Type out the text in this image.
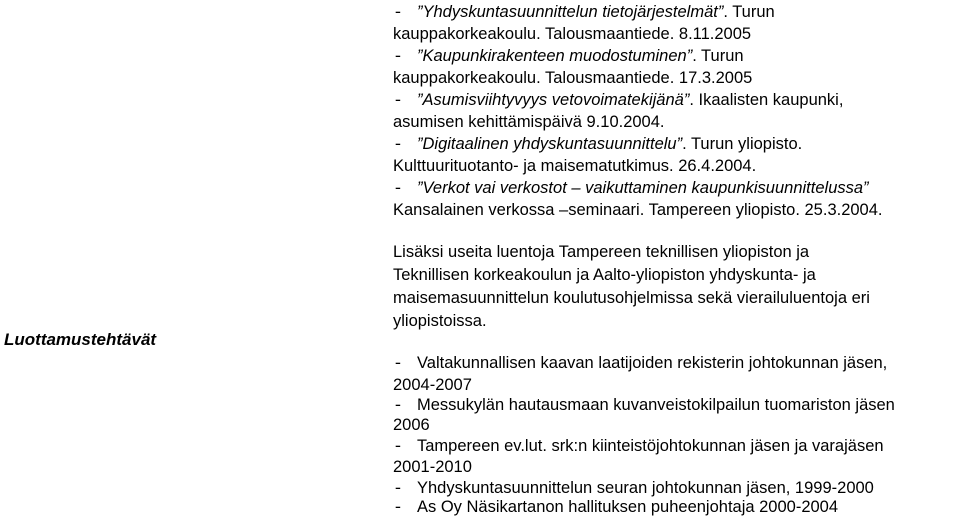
Luottamustehtävät
- ”Yhdyskuntasuunnittelun tietojärjestelmät”. Turun
kauppakorkeakoulu. Talousmaantiede. 8.11.2005
- ”Kaupunkirakenteen muodostuminen”. Turun
kauppakorkeakoulu. Talousmaantiede. 17.3.2005
- ”Asumisviihtyvyys vetovoimatekijänä”. Ikaalisten kaupunki,
asumisen kehittämispäivä 9.10.2004.
- ”Digitaalinen yhdyskuntasuunnittelu”. Turun yliopisto.
Kulttuurituotanto- ja maisematutkimus. 26.4.2004.
- ”Verkot vai verkostot – vaikuttaminen kaupunkisuunnittelussa”
Kansalainen verkossa –seminaari. Tampereen yliopisto. 25.3.2004.
Lisäksi useita luentoja Tampereen teknillisen yliopiston ja
Teknillisen korkeakoulun ja Aalto-yliopiston yhdyskunta- ja
maisemasuunnittelun koulutusohjelmissa sekä vierailuluentoja eri
yliopistoissa.
- Valtakunnallisen kaavan laatijoiden rekisterin johtokunnan jäsen,
2004-2007
- Messukylän hautausmaan kuvanveistokilpailun tuomariston jäsen
2006
- Tampereen ev.lut. srk:n kiinteistöjohtokunnan jäsen ja varajäsen
2001-2010
- Yhdyskuntasuunnittelun seuran johtokunnan jäsen, 1999-2000
- As Oy Näsikartanon hallituksen puheenjohtaja 2000-2004
